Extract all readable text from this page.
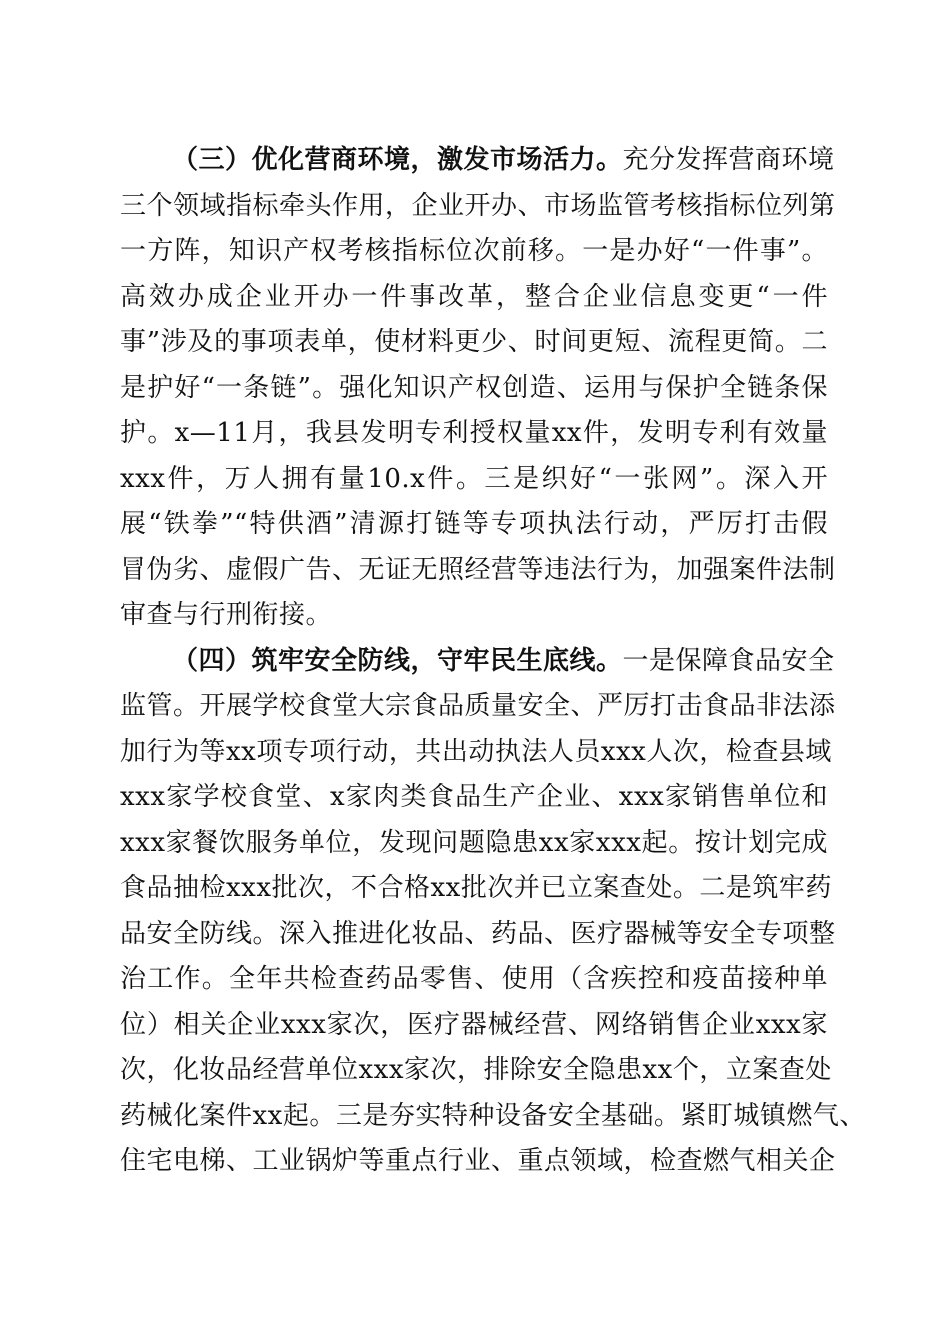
（三）优化营商环境，激发市场活力。充分发挥营商环境
三个领域指标牵头作用，企业开办、市场监管考核指标位列第
一方阵，知识产权考核指标位次前移。一是办好“一件事”。
高效办成企业开办一件事改革，整合企业信息变更“一件
事”涉及的事项表单，使材料更少、时间更短、流程更简。二
是护好“一条链”。强化知识产权创造、运用与保护全链条保
护。x—11月，我县发明专利授权量xx件，发明专利有效量
xxx件，万人拥有量10.x件。三是织好“一张网”。深入开
展“铁拳”“特供酒”清源打链等专项执法行动，严厉打击假
冒伪劣、虚假广告、无证无照经营等违法行为，加强案件法制
审查与行刑衔接。
（四）筑牢安全防线，守牢民生底线。一是保障食品安全
监管。开展学校食堂大宗食品质量安全、严厉打击食品非法添
加行为等xx项专项行动，共出动执法人员xxx人次，检查县域
xxx家学校食堂、x家肉类食品生产企业、xxx家销售单位和
xxx家餐饮服务单位，发现问题隐患xx家xxx起。按计划完成
食品抽检xxx批次，不合格xx批次并已立案查处。二是筑牢药
品安全防线。深入推进化妆品、药品、医疗器械等安全专项整
治工作。全年共检查药品零售、使用（含疾控和疫苗接种单
位）相关企业xxx家次，医疗器械经营、网络销售企业xxx家
次，化妆品经营单位xxx家次，排除安全隐患xx个，立案查处
药械化案件xx起。三是夯实特种设备安全基础。紧盯城镇燃气、
住宅电梯、工业锅炉等重点行业、重点领域，检查燃气相关企
